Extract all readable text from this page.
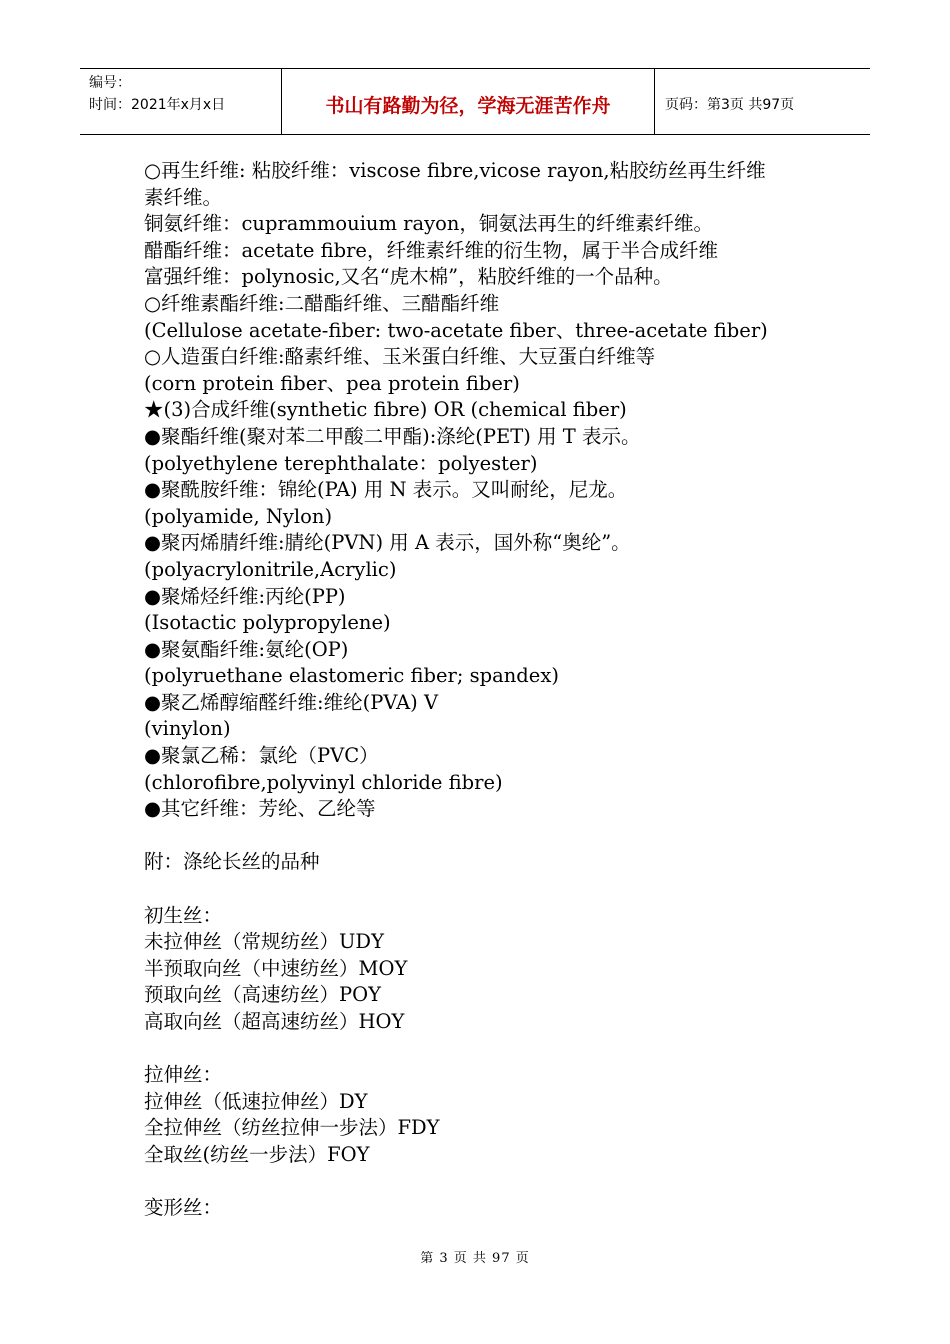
编号：
时间：2021年x月x日	书山有路勤为径，学海无涯苦作舟	页码：第3页 共97页
○再生纤维: 粘胶纤维：viscose fibre,vicose rayon,粘胶纺丝再生纤维
素纤维。
铜氨纤维：cuprammouium rayon，铜氨法再生的纤维素纤维。
醋酯纤维：acetate fibre，纤维素纤维的衍生物，属于半合成纤维
富强纤维：polynosic,又名“虎木棉”，粘胶纤维的一个品种。
○纤维素酯纤维:二醋酯纤维、三醋酯纤维
(Cellulose acetate-fiber: two-acetate fiber、three-acetate fiber)
○人造蛋白纤维:酪素纤维、玉米蛋白纤维、大豆蛋白纤维等
(corn protein fiber、pea protein fiber)
★(3)合成纤维(synthetic fibre) OR (chemical fiber)
●聚酯纤维(聚对苯二甲酸二甲酯):涤纶(PET) 用 T 表示。
(polyethylene terephthalate：polyester)
●聚酰胺纤维：锦纶(PA) 用 N 表示。又叫耐纶，尼龙。
(polyamide, Nylon)
●聚丙烯腈纤维:腈纶(PVN) 用 A 表示，国外称“奥纶”。
(polyacrylonitrile,Acrylic)
●聚烯烃纤维:丙纶(PP)
(Isotactic polypropylene)
●聚氨酯纤维:氨纶(OP)
(polyruethane elastomeric fiber; spandex)
●聚乙烯醇缩醛纤维:维纶(PVA) V
(vinylon)
●聚氯乙稀：氯纶（PVC）
(chlorofibre,polyvinyl chloride fibre)
●其它纤维：芳纶、乙纶等
附：涤纶长丝的品种
初生丝：
未拉伸丝（常规纺丝）UDY
半预取向丝（中速纺丝）MOY
预取向丝（高速纺丝）POY
高取向丝（超高速纺丝）HOY
拉伸丝：
拉伸丝（低速拉伸丝）DY
全拉伸丝（纺丝拉伸一步法）FDY
全取丝(纺丝一步法）FOY
变形丝：
第 3 页 共 97 页
